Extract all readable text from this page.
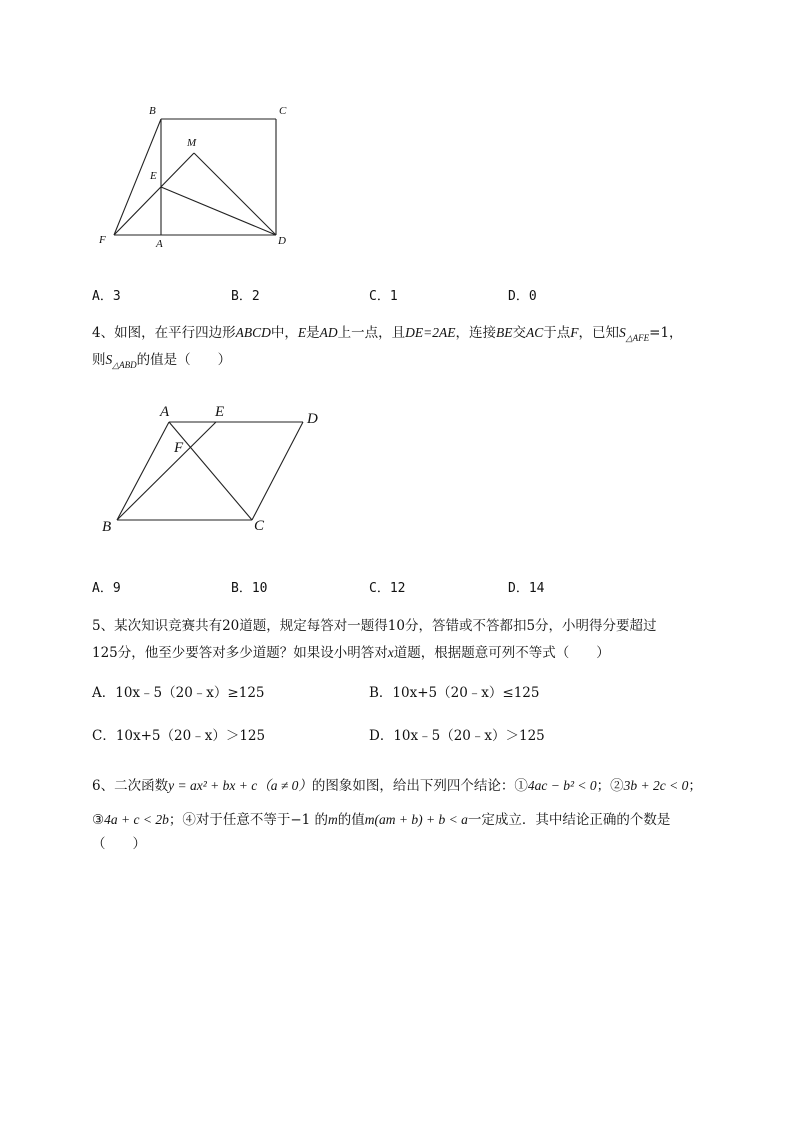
B	C
M
E
F	A	D
A．3	B．2	C．1	D．0
4、如图，在平行四边形ABCD中，E是AD上一点，且DE=2AE，连接BE交AC于点F，已知$S_{\triangle AFE}=1$，
则$S_{\triangle ABD}$的值是（　　）
A	E	D
F
B	C
A．9	B．10	C．12	D．14
5、某次知识竞赛共有20道题，规定每答对一题得10分，答错或不答都扣5分，小明得分要超过
125分，他至少要答对多少道题？如果设小明答对x道题，根据题意可列不等式（　　）
A．10x﹣5（20﹣x）≥125	B．10x+5（20﹣x）≤125
C．10x+5（20﹣x）＞125	D．10x﹣5（20﹣x）＞125
6、二次函数y = ax² + bx + c（a ≠ 0）的图象如图，给出下列四个结论：①4ac − b² < 0；②3b + 2c < 0；
③4a + c < 2b；④对于任意不等于−1 的m的值m(am + b) + b < a一定成立．其中结论正确的个数是
（　　）
